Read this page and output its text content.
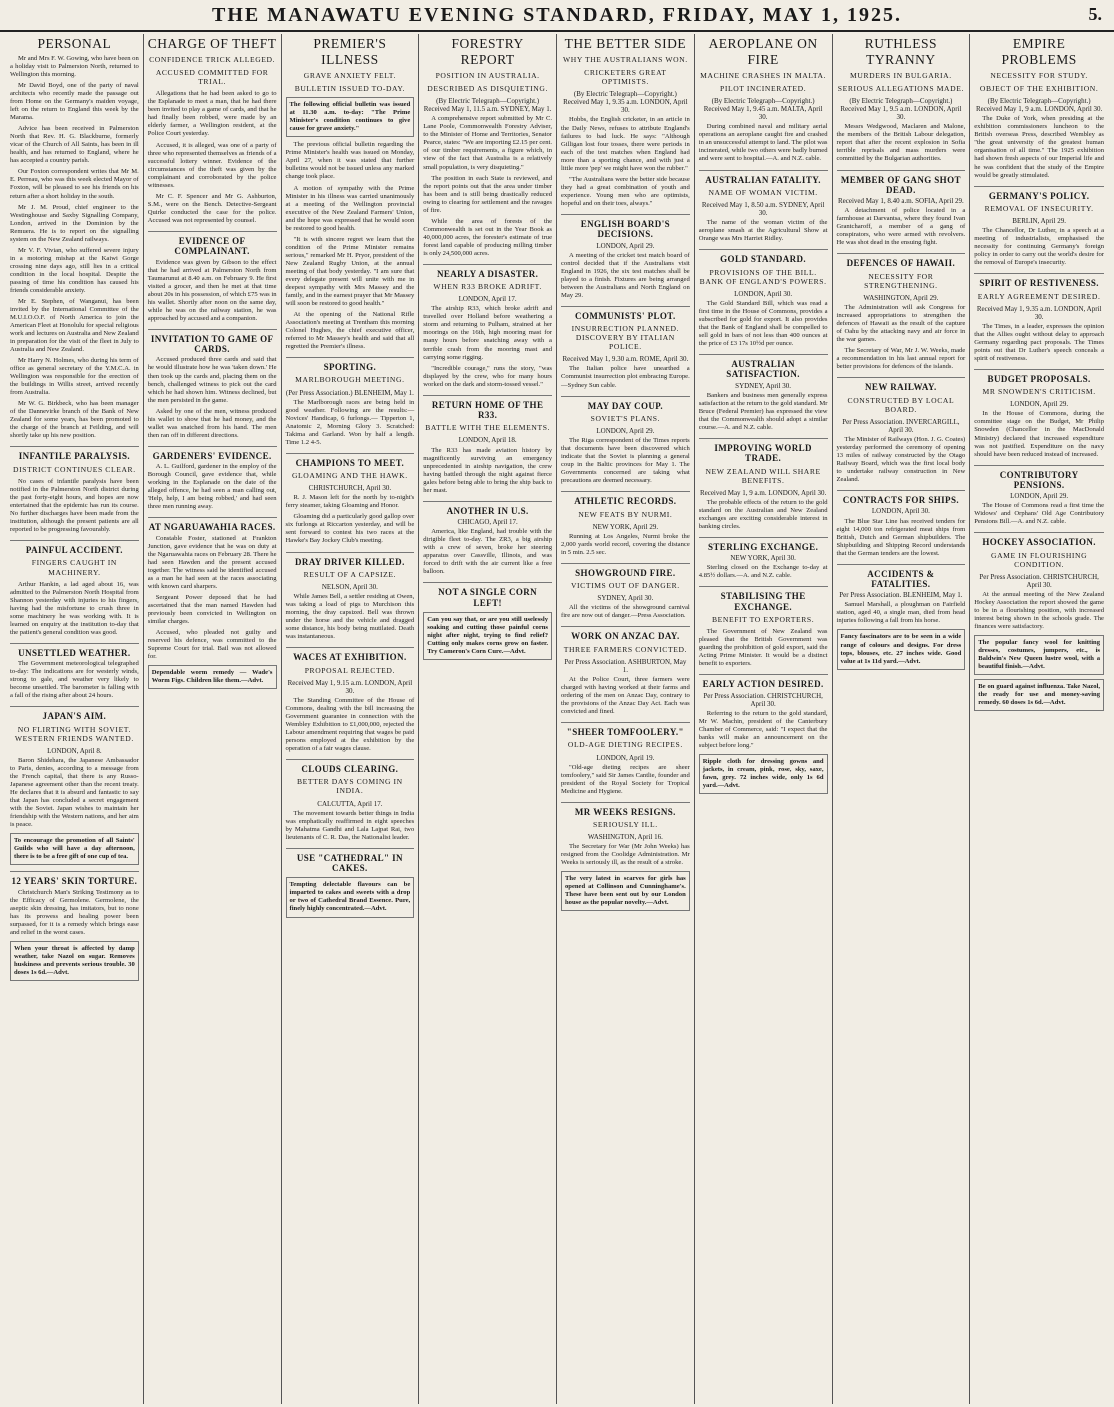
THE MANAWATU EVENING STANDARD, FRIDAY, MAY 1, 1925.	5.
PERSONAL
Mr and Mrs F. W. Gowing, who have been on a holiday visit to Palmerston North, returned to Wellington this morning.
Mr David Boyd, one of the party of naval architects who recently made the passage out from Home on the Germany's maiden voyage, left on the return to England this week by the Marama.
Advice has been received in Palmerston North that Rev. H. G. Blackburne, formerly vicar of the Church of All Saints, has been in ill health, and has returned to England, where he has accepted a country parish.
Our Foxton correspondent writes that Mr M. E. Perreau, who was this week elected Mayor of Foxton, will be pleased to see his friends on his return after a short holiday in the south.
Mr J. M. Proud, chief engineer to the Westinghouse and Saxby Signalling Company, London, arrived in the Dominion by the Remuera. He is to report on the signalling system on the New Zealand railways.
Mr V. F. Vivian, who suffered severe injury in a motoring mishap at the Kaiwi Gorge crossing nine days ago, still lies in a critical condition in the local hospital. Despite the passing of time his condition has caused his friends considerable anxiety.
Mr E. Stephen, of Wanganui, has been invited by the International Committee of the M.U.I.O.O.F. of North America to join the American Fleet at Honolulu for special religious work and lectures on Australia and New Zealand in preparation for the visit of the fleet in July to Australia and New Zealand.
Mr Harry N. Holmes, who during his term of office as general secretary of the Y.M.C.A. in Wellington was responsible for the erection of the buildings in Willis street, arrived recently from Australia.
Mr W. G. Birkbeck, who has been manager of the Dannevirke branch of the Bank of New Zealand for some years, has been promoted to the charge of the branch at Feilding, and will shortly take up his new position.
INFANTILE PARALYSIS.
DISTRICT CONTINUES CLEAR.
No cases of infantile paralysis have been notified in the Palmerston North district during the past forty-eight hours, and hopes are now entertained that the epidemic has run its course. No further discharges have been made from the institution, although the present patients are all reported to be progressing favourably.
PAINFUL ACCIDENT.
FINGERS CAUGHT IN MACHINERY.
Arthur Hankin, a lad aged about 16, was admitted to the Palmerston North Hospital from Shannon yesterday with injuries to his fingers, having had the misfortune to crush three in some machinery he was working with. It is learned on enquiry at the institution to-day that the patient's general condition was good.
UNSETTLED WEATHER.
The Government meteorological telegraphed to-day: The indications are for westerly winds, strong to gale, and weather very likely to become unsettled. The barometer is falling with a fall of the rising after about 24 hours.
JAPAN'S AIM.
NO FLIRTING WITH SOVIET. WESTERN FRIENDS WANTED.
LONDON, April 8.
Baron Shidehara, the Japanese Ambassador to Paris, denies, according to a message from the French capital, that there is any Russo-Japanese agreement other than the recent treaty. He declares that it is absurd and fantastic to say that Japan has concluded a secret engagement with the Soviet. Japan wishes to maintain her friendship with the Western nations, and her aim is peace.
To encourage the promotion of all Saints' Guilds who will have a day afternoon, there is to be a free gift of one cup of tea.
12 YEARS' SKIN TORTURE.
Christchurch Man's Striking Testimony as to the Efficacy of Germolene. Germolene, the aseptic skin dressing, has imitators, but to none has its prowess and healing power been surpassed, for it is a remedy which brings ease and relief in the worst cases.
When your throat is affected by damp weather, take Nazol on sugar. Removes huskiness and prevents serious trouble. 30 doses 1s 6d.—Advt.
CHARGE OF THEFT
CONFIDENCE TRICK ALLEGED.
ACCUSED COMMITTED FOR TRIAL.
Allegations that he had been asked to go to the Esplanade to meet a man, that he had there been invited to play a game of cards, and that he had finally been robbed, were made by an elderly farmer, a Wellington resident, at the Police Court yesterday.
Accused, it is alleged, was one of a party of three who represented themselves as friends of a successful lottery winner. Evidence of the circumstances of the theft was given by the complainant and corroborated by the police witnesses.
Mr C. F. Spencer and Mr G. Ashburton, S.M., were on the Bench. Detective-Sergeant Quirke conducted the case for the police. Accused was not represented by counsel.
EVIDENCE OF COMPLAINANT.
Evidence was given by Gibson to the effect that he had arrived at Palmerston North from Taumarunui at 8.40 a.m. on February 9. He first visited a grocer, and then he met at that time about 20s in his possession, of which £75 was in his wallet. Shortly after noon on the same day, while he was on the railway station, he was approached by accused and a companion.
INVITATION TO GAME OF CARDS.
Accused produced three cards and said that he would illustrate how he was 'taken down.' He then took up the cards and, placing them on the bench, challenged witness to pick out the card which he had shown him. Witness declined, but the men persisted in the game.
Asked by one of the men, witness produced his wallet to show that he had money, and the wallet was snatched from his hand. The men then ran off in different directions.
GARDENERS' EVIDENCE.
A. L. Guilford, gardener in the employ of the Borough Council, gave evidence that, while working in the Esplanade on the date of the alleged offence, he had seen a man calling out, 'Help, help, I am being robbed,' and had seen three men running away.
AT NGARUAWAHIA RACES.
Constable Foster, stationed at Frankton Junction, gave evidence that he was on duty at the Ngaruawahia races on February 28. There he had seen Hawden and the present accused together. The witness said he identified accused as a man he had seen at the races associating with known card sharpers.
Sergeant Power deposed that he had ascertained that the man named Hawden had previously been convicted in Wellington on similar charges.
Accused, who pleaded not guilty and reserved his defence, was committed to the Supreme Court for trial. Bail was not allowed for.
Dependable worm remedy — Wade's Worm Figs. Children like them.—Advt.
PREMIER'S ILLNESS
GRAVE ANXIETY FELT.
BULLETIN ISSUED TO-DAY.
The following official bulletin was issued at 11.30 a.m. to-day: "The Prime Minister's condition continues to give cause for grave anxiety."
The previous official bulletin regarding the Prime Minister's health was issued on Monday, April 27, when it was stated that further bulletins would not be issued unless any marked change took place.
A motion of sympathy with the Prime Minister in his illness was carried unanimously at a meeting of the Wellington provincial executive of the New Zealand Farmers' Union, and the hope was expressed that he would soon be restored to good health.
"It is with sincere regret we learn that the condition of the Prime Minister remains serious," remarked Mr H. Pryor, president of the New Zealand Rugby Union, at the annual meeting of that body yesterday. "I am sure that every delegate present will unite with me in deepest sympathy with Mrs Massey and the family, and in the earnest prayer that Mr Massey will soon be restored to good health."
At the opening of the National Rifle Association's meeting at Trentham this morning Colonel Hughes, the chief executive officer, referred to Mr Massey's health and said that all regretted the Premier's illness.
SPORTING.
MARLBOROUGH MEETING.
(Per Press Association.) BLENHEIM, May 1.
The Marlborough races are being held in good weather. Following are the results:— Novices' Handicap, 6 furlongs.— Tipperton 1, Anatomic 2, Morning Glory 3. Scratched: Takima and Garland. Won by half a length. Time 1.2 4-5.
CHAMPIONS TO MEET.
GLOAMING AND THE HAWK.
CHRISTCHURCH, April 30.
R. J. Mason left for the north by to-night's ferry steamer, taking Gloaming and Honor.
Gloaming did a particularly good gallop over six furlongs at Riccarton yesterday, and will be sent forward to contest his two races at the Hawke's Bay Jockey Club's meeting.
DRAY DRIVER KILLED.
RESULT OF A CAPSIZE.
NELSON, April 30.
While James Bell, a settler residing at Owen, was taking a load of pigs to Murchison this morning, the dray capsized. Bell was thrown under the horse and the vehicle and dragged some distance, his body being mutilated. Death was instantaneous.
WACES AT EXHIBITION.
PROPOSAL REJECTED.
Received May 1, 9.15 a.m. LONDON, April 30.
The Standing Committee of the House of Commons, dealing with the bill increasing the Government guarantee in connection with the Wembley Exhibition to £1,000,000, rejected the Labour amendment requiring that wages be paid persons employed at the exhibition by the operation of a fair wages clause.
CLOUDS CLEARING.
BETTER DAYS COMING IN INDIA.
CALCUTTA, April 17.
The movement towards better things in India was emphatically reaffirmed in eight speeches by Mahatma Gandhi and Lala Lajpat Rai, two lieutenants of C. R. Das, the Nationalist leader.
USE "CATHEDRAL" IN CAKES.
Tempting delectable flavours can be imparted to cakes and sweets with a drop or two of Cathedral Brand Essence. Pure, finely highly concentrated.—Advt.
FORESTRY REPORT
POSITION IN AUSTRALIA.
DESCRIBED AS DISQUIETING.
(By Electric Telegraph—Copyright.) Received May 1, 11.5 a.m. SYDNEY, May 1.
A comprehensive report submitted by Mr C. Lane Poole, Commonwealth Forestry Adviser, to the Minister of Home and Territories, Senator Pearce, states: "We are importing £2.15 per cent. of our timber requirements, a figure which, in view of the fact that Australia is a relatively small population, is very disquieting."
The position in each State is reviewed, and the report points out that the area under timber has been and is still being drastically reduced owing to clearing for settlement and the ravages of fire.
While the area of forests of the Commonwealth is set out in the Year Book as 40,000,000 acres, the forester's estimate of true forest land capable of producing milling timber is only 24,500,000 acres.
NEARLY A DISASTER.
WHEN R33 BROKE ADRIFT.
LONDON, April 17.
The airship R33, which broke adrift and travelled over Holland before weathering a storm and returning to Pulham, strained at her moorings on the 16th, high mooring mast for many hours before snatching away with a terrible crash from the mooring mast and carrying some rigging.
"Incredible courage," runs the story, "was displayed by the crew, who for many hours worked on the dark and storm-tossed vessel."
RETURN HOME OF THE R33.
BATTLE WITH THE ELEMENTS.
LONDON, April 18.
The R33 has made aviation history by magnificently surviving an emergency unprecedented in airship navigation, the crew having battled through the night against fierce gales before being able to bring the ship back to her mast.
ANOTHER IN U.S.
CHICAGO, April 17.
America, like England, had trouble with the dirigible fleet to-day. The ZR3, a big airship with a crew of seven, broke her steering apparatus over Cassville, Illinois, and was forced to drift with the air current like a free balloon.
NOT A SINGLE CORN LEFT!
Can you say that, or are you still uselessly soaking and cutting those painful corns night after night, trying to find relief? Cutting only makes corns grow on faster. Try Cameron's Corn Cure.—Advt.
THE BETTER SIDE
WHY THE AUSTRALIANS WON.
CRICKETERS GREAT OPTIMISTS.
(By Electric Telegraph—Copyright.) Received May 1, 9.35 a.m. LONDON, April 30.
Hobbs, the English cricketer, in an article in the Daily News, refuses to attribute England's failures to bad luck. He says: "Although Gilligan lost four tosses, there were periods in each of the test matches when England had more than a sporting chance, and with just a little more 'pep' we might have won the rubber."
"The Australians were the better side because they had a great combination of youth and experience. Young men who are optimists, hopeful and on their toes, always."
ENGLISH BOARD'S DECISIONS.
LONDON, April 29.
A meeting of the cricket test match board of control decided that if the Australians visit England in 1926, the six test matches shall be played to a finish. Fixtures are being arranged between the Australians and North England on May 29.
COMMUNISTS' PLOT.
INSURRECTION PLANNED. DISCOVERY BY ITALIAN POLICE.
Received May 1, 9.30 a.m. ROME, April 30.
The Italian police have unearthed a Communist insurrection plot embracing Europe.—Sydney Sun cable.
MAY DAY COUP.
SOVIET'S PLANS.
LONDON, April 29.
The Riga correspondent of the Times reports that documents have been discovered which indicate that the Soviet is planning a general coup in the Baltic provinces for May 1. The Governments concerned are taking what precautions are deemed necessary.
ATHLETIC RECORDS.
NEW FEATS BY NURMI.
NEW YORK, April 29.
Running at Los Angeles, Nurmi broke the 2,000 yards world record, covering the distance in 5 min. 2.5 sec.
SHOWGROUND FIRE.
VICTIMS OUT OF DANGER.
SYDNEY, April 30.
All the victims of the showground carnival fire are now out of danger.—Press Association.
WORK ON ANZAC DAY.
THREE FARMERS CONVICTED.
Per Press Association. ASHBURTON, May 1.
At the Police Court, three farmers were charged with having worked at their farms and ordering of the men on Anzac Day, contrary to the provisions of the Anzac Day Act. Each was convicted and fined.
"SHEER TOMFOOLERY."
OLD-AGE DIETING RECIPES.
LONDON, April 19.
"Old-age dieting recipes are sheer tomfoolery," said Sir James Cantlie, founder and president of the Royal Society for Tropical Medicine and Hygiene.
MR WEEKS RESIGNS.
SERIOUSLY ILL.
WASHINGTON, April 16.
The Secretary for War (Mr John Weeks) has resigned from the Coolidge Administration. Mr Weeks is seriously ill, as the result of a stroke.
The very latest in scarves for girls has opened at Collinson and Cunninghame's. These have been sent out by our London house as the popular novelty.—Advt.
AEROPLANE ON FIRE
MACHINE CRASHES IN MALTA.
PILOT INCINERATED.
(By Electric Telegraph—Copyright.) Received May 1, 9.45 a.m. MALTA, April 30.
During combined naval and military aerial operations an aeroplane caught fire and crashed in an unsuccessful attempt to land. The pilot was incinerated, while two others were badly burned and were sent to hospital.—A. and N.Z. cable.
AUSTRALIAN FATALITY.
NAME OF WOMAN VICTIM.
Received May 1, 8.50 a.m. SYDNEY, April 30.
The name of the woman victim of the aeroplane smash at the Agricultural Show at Orange was Mrs Harriet Ridley.
GOLD STANDARD.
PROVISIONS OF THE BILL. BANK OF ENGLAND'S POWERS.
LONDON, April 30.
The Gold Standard Bill, which was read a first time in the House of Commons, provides a subscribed for gold for export. It also provides that the Bank of England shall be compelled to sell gold in bars of not less than 400 ounces at the price of £3 17s 10½d per ounce.
AUSTRALIAN SATISFACTION.
SYDNEY, April 30.
Bankers and business men generally express satisfaction at the return to the gold standard. Mr Bruce (Federal Premier) has expressed the view that the Commonwealth should adopt a similar course.—A. and N.Z. cable.
IMPROVING WORLD TRADE.
NEW ZEALAND WILL SHARE BENEFITS.
Received May 1, 9 a.m. LONDON, April 30.
The probable effects of the return to the gold standard on the Australian and New Zealand exchanges are exciting considerable interest in banking circles.
STERLING EXCHANGE.
NEW YORK, April 30.
Sterling closed on the Exchange to-day at 4.85½ dollars.—A. and N.Z. cable.
STABILISING THE EXCHANGE.
BENEFIT TO EXPORTERS.
The Government of New Zealand was pleased that the British Government was guarding the prohibition of gold export, said the Acting Prime Minister. It would be a distinct benefit to exporters.
EARLY ACTION DESIRED.
Per Press Association. CHRISTCHURCH, April 30.
Referring to the return to the gold standard, Mr W. Machin, president of the Canterbury Chamber of Commerce, said: "I expect that the banks will make an announcement on the subject before long."
Ripple cloth for dressing gowns and jackets, in cream, pink, rose, sky, saxe, fawn, grey. 72 inches wide, only 1s 6d yard.—Advt.
RUTHLESS TYRANNY
MURDERS IN BULGARIA.
SERIOUS ALLEGATIONS MADE.
(By Electric Telegraph—Copyright.) Received May 1, 9.5 a.m. LONDON, April 30.
Messrs Wedgwood, Maclaren and Malone, the members of the British Labour delegation, report that after the recent explosion in Sofia terrible reprisals and mass murders were committed by the Bulgarian authorities.
MEMBER OF GANG SHOT DEAD.
Received May 1, 8.40 a.m. SOFIA, April 29.
A detachment of police located in a farmhouse at Darvantsa, where they found Ivan Grantcharoff, a member of a gang of conspirators, who were armed with revolvers. He was shot dead in the ensuing fight.
DEFENCES OF HAWAII.
NECESSITY FOR STRENGTHENING.
WASHINGTON, April 29.
The Administration will ask Congress for increased appropriations to strengthen the defences of Hawaii as the result of the capture of Oahu by the attacking navy and air force in the war games.
The Secretary of War, Mr J. W. Weeks, made a recommendation in his last annual report for better provisions for defences of the islands.
NEW RAILWAY.
CONSTRUCTED BY LOCAL BOARD.
Per Press Association. INVERCARGILL, April 30.
The Minister of Railways (Hon. J. G. Coates) yesterday performed the ceremony of opening 13 miles of railway constructed by the Otago Railway Board, which was the first local body to undertake railway construction in New Zealand.
CONTRACTS FOR SHIPS.
LONDON, April 30.
The Blue Star Line has received tenders for eight 14,000 ton refrigerated meat ships from British, Dutch and German shipbuilders. The Shipbuilding and Shipping Record understands that the German tenders are the lowest.
ACCIDENTS & FATALITIES.
Per Press Association. BLENHEIM, May 1.
Samuel Marshall, a ploughman on Fairfield station, aged 40, a single man, died from head injuries following a fall from his horse.
Fancy fascinators are to be seen in a wide range of colours and designs. For dress tops, blouses, etc. 27 inches wide. Good value at 1s 11d yard.—Advt.
EMPIRE PROBLEMS
NECESSITY FOR STUDY.
OBJECT OF THE EXHIBITION.
(By Electric Telegraph—Copyright.) Received May 1, 9 a.m. LONDON, April 30.
The Duke of York, when presiding at the exhibition commissioners luncheon to the British overseas Press, described Wembley as "the great university of the greatest human organisation of all time." The 1925 exhibition had shown fresh aspects of our Imperial life and he was confident that the study of the Empire would be greatly stimulated.
GERMANY'S POLICY.
REMOVAL OF INSECURITY.
BERLIN, April 29.
The Chancellor, Dr Luther, in a speech at a meeting of industrialists, emphasised the necessity for continuing Germany's foreign policy in order to carry out the world's desire for the removal of Europe's insecurity.
SPIRIT OF RESTIVENESS.
EARLY AGREEMENT DESIRED.
Received May 1, 9.35 a.m. LONDON, April 30.
The Times, in a leader, expresses the opinion that the Allies ought without delay to approach Germany regarding pact proposals. The Times points out that Dr Luther's speech conceals a spirit of restiveness.
BUDGET PROPOSALS.
MR SNOWDEN'S CRITICISM.
LONDON, April 29.
In the House of Commons, during the committee stage on the Budget, Mr Philip Snowden (Chancellor in the MacDonald Ministry) declared that increased expenditure was not justified. Expenditure on the navy should have been reduced instead of increased.
CONTRIBUTORY PENSIONS.
LONDON, April 29.
The House of Commons read a first time the Widows' and Orphans' Old Age Contributory Pensions Bill.—A. and N.Z. cable.
HOCKEY ASSOCIATION.
GAME IN FLOURISHING CONDITION.
Per Press Association. CHRISTCHURCH, April 30.
At the annual meeting of the New Zealand Hockey Association the report showed the game to be in a flourishing position, with increased interest being shown in the schools grade. The finances were satisfactory.
The popular fancy wool for knitting dresses, costumes, jumpers, etc., is Baldwin's New Queen lustre wool, with a beautiful finish.—Advt.
Be on guard against influenza. Take Nazol, the ready for use and money-saving remedy. 60 doses 1s 6d.—Advt.
